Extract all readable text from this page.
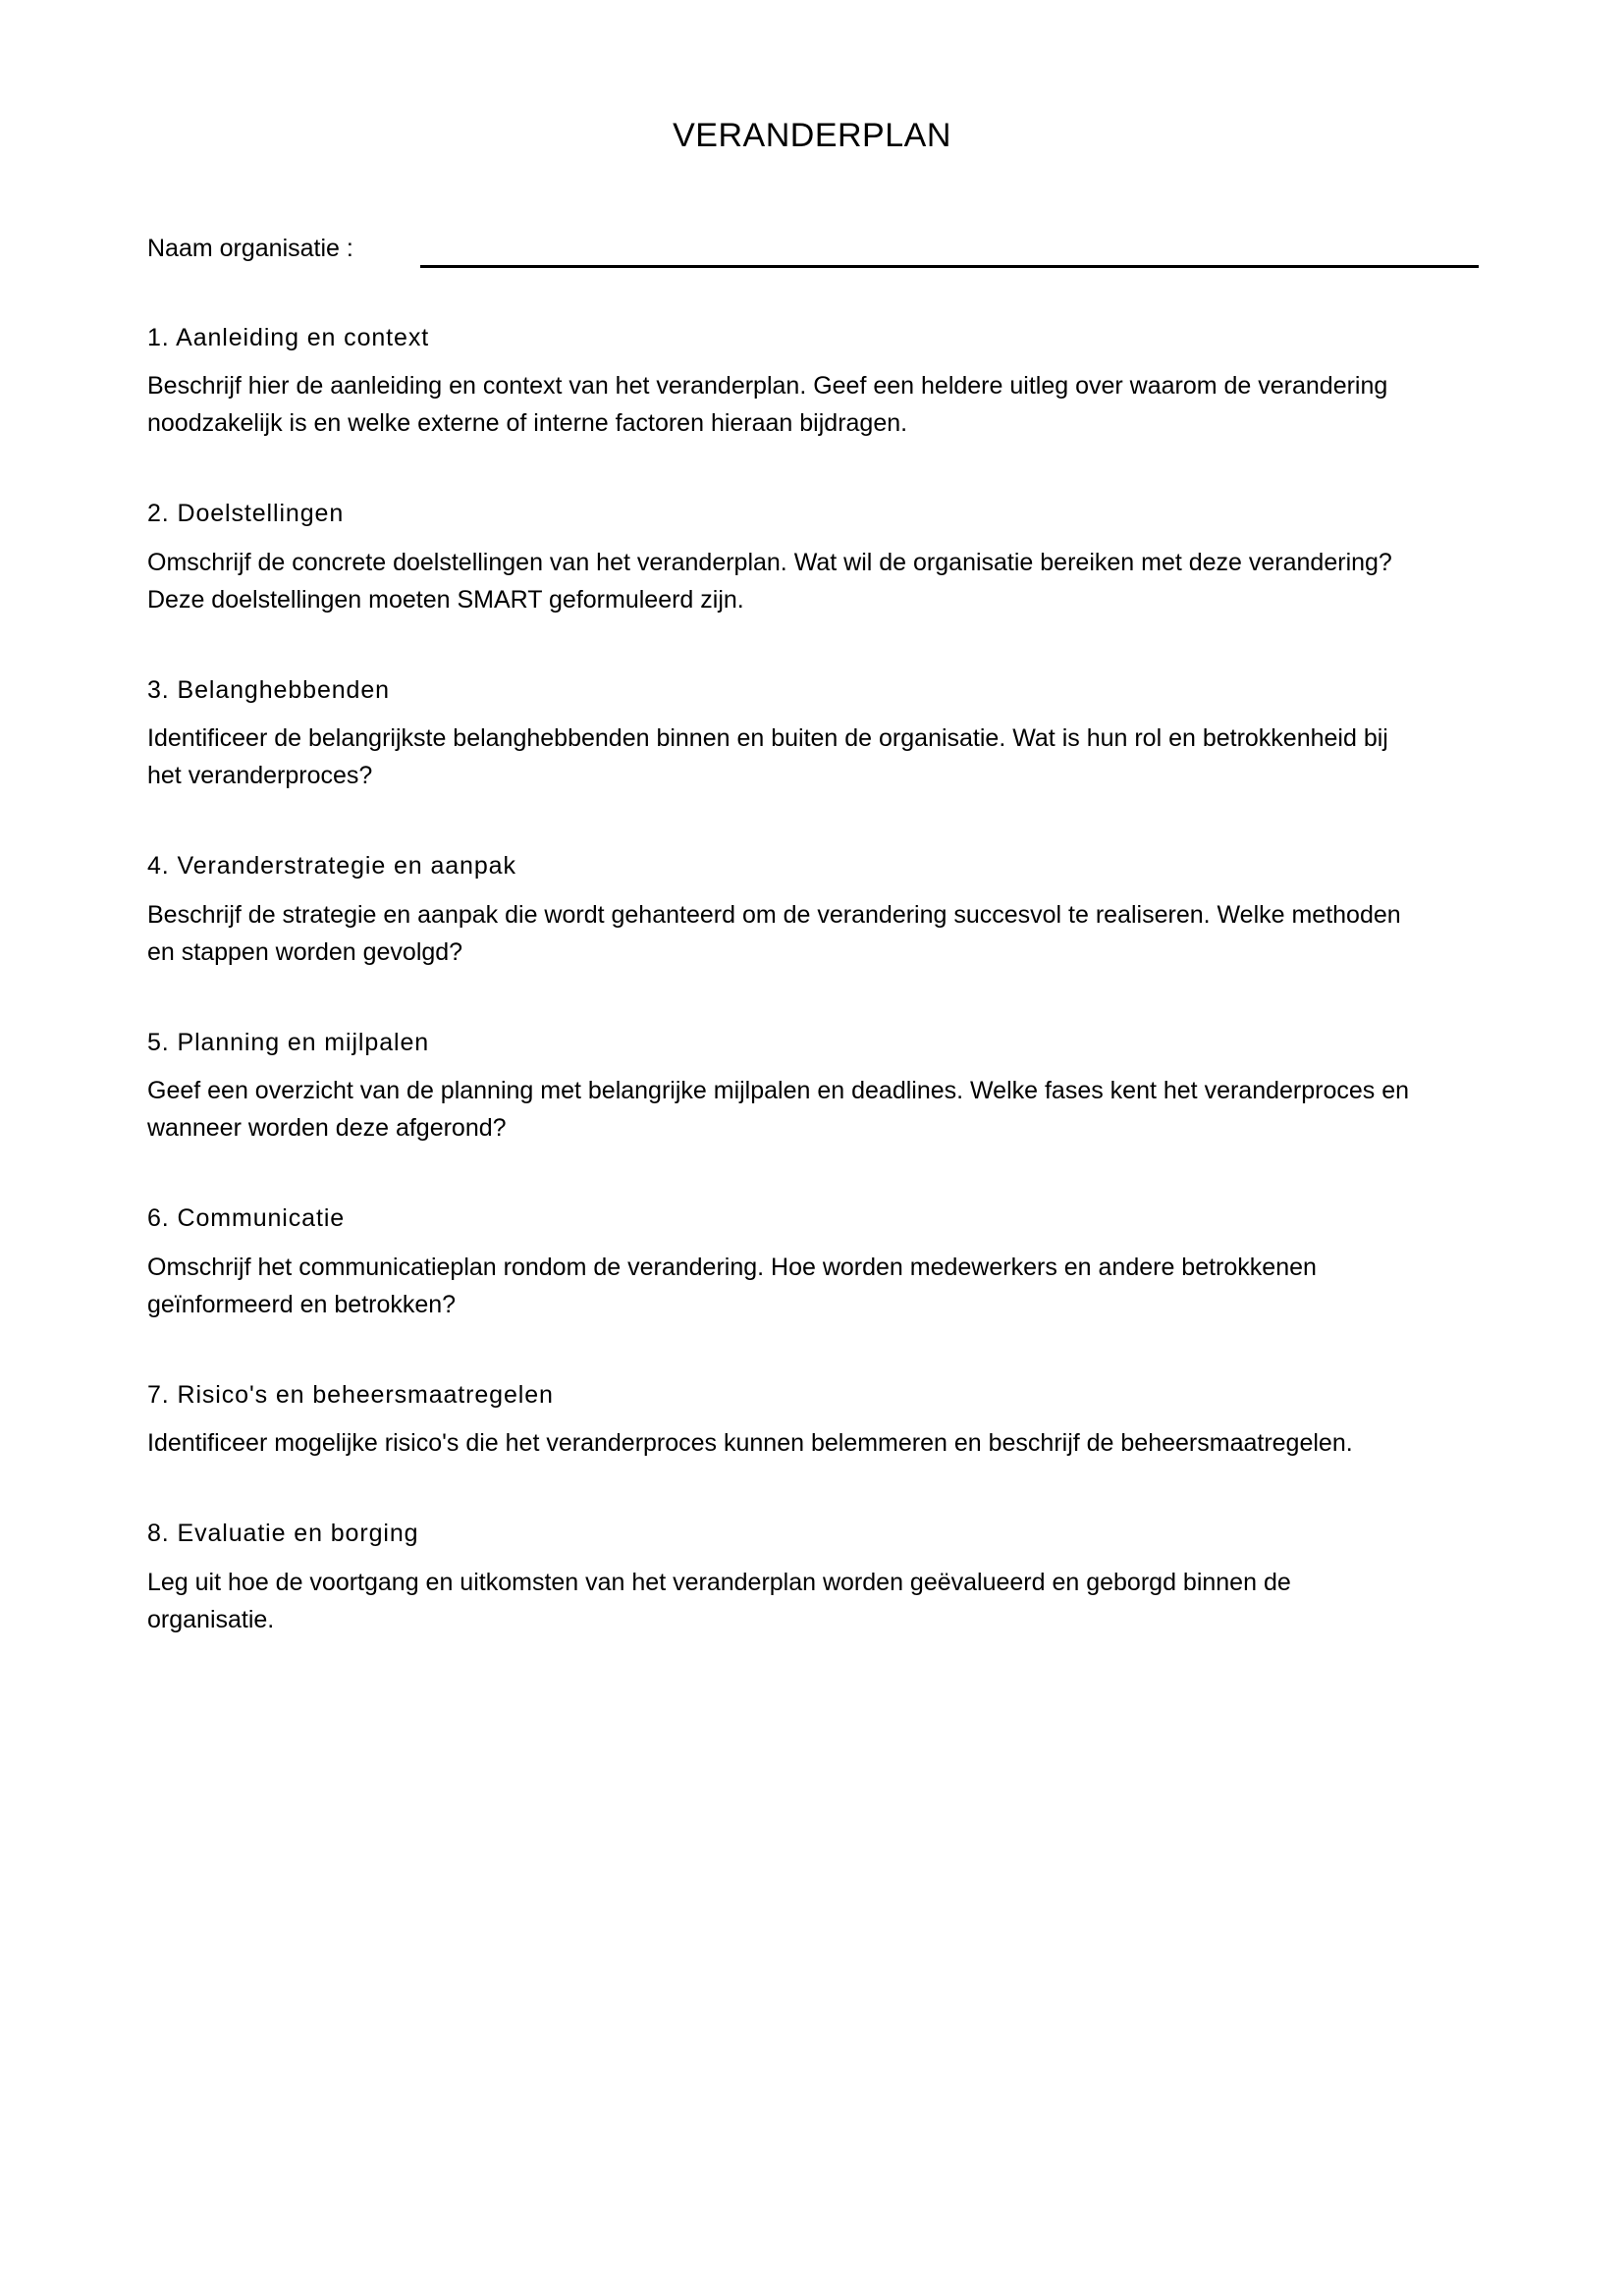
VERANDERPLAN
Naam organisatie :
1. Aanleiding en context

Beschrijf hier de aanleiding en context van het veranderplan. Geef een heldere uitleg over waarom de verandering noodzakelijk is en welke externe of interne factoren hieraan bijdragen.

2. Doelstellingen

Omschrijf de concrete doelstellingen van het veranderplan. Wat wil de organisatie bereiken met deze verandering? Deze doelstellingen moeten SMART geformuleerd zijn.

3. Belanghebbenden

Identificeer de belangrijkste belanghebbenden binnen en buiten de organisatie. Wat is hun rol en betrokkenheid bij het veranderproces?

4. Veranderstrategie en aanpak

Beschrijf de strategie en aanpak die wordt gehanteerd om de verandering succesvol te realiseren. Welke methoden en stappen worden gevolgd?

5. Planning en mijlpalen

Geef een overzicht van de planning met belangrijke mijlpalen en deadlines. Welke fases kent het veranderproces en wanneer worden deze afgerond?

6. Communicatie

Omschrijf het communicatieplan rondom de verandering. Hoe worden medewerkers en andere betrokkenen geïnformeerd en betrokken?

7. Risico's en beheersmaatregelen

Identificeer mogelijke risico's die het veranderproces kunnen belemmeren en beschrijf de beheersmaatregelen.

8. Evaluatie en borging

Leg uit hoe de voortgang en uitkomsten van het veranderplan worden geëvalueerd en geborgd binnen de organisatie.
